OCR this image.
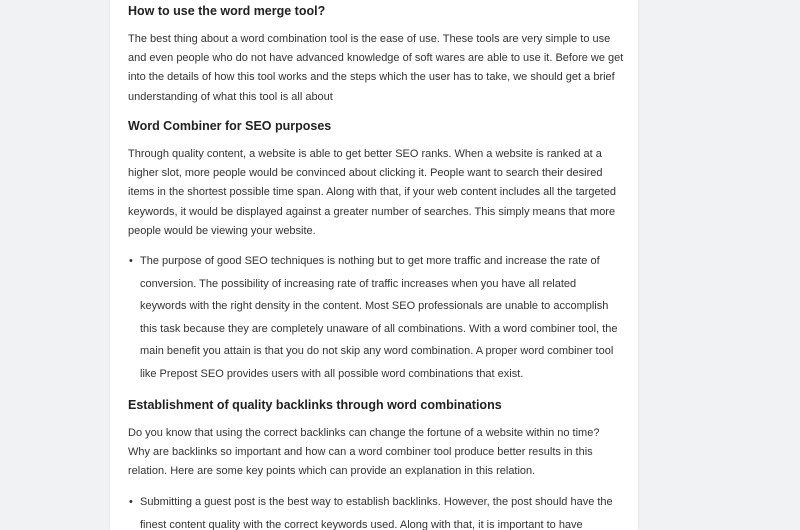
How to use the word merge tool?

The best thing about a word combination tool is the ease of use. These tools are very simple to use and even people who do not have advanced knowledge of soft wares are able to use it. Before we get into the details of how this tool works and the steps which the user has to take, we should get a brief understanding of what this tool is all about

Word Combiner for SEO purposes

Through quality content, a website is able to get better SEO ranks. When a website is ranked at a higher slot, more people would be convinced about clicking it. People want to search their desired items in the shortest possible time span. Along with that, if your web content includes all the targeted keywords, it would be displayed against a greater number of searches. This simply means that more people would be viewing your website.

• The purpose of good SEO techniques is nothing but to get more traffic and increase the rate of conversion. The possibility of increasing rate of traffic increases when you have all related keywords with the right density in the content. Most SEO professionals are unable to accomplish this task because they are completely unaware of all combinations. With a word combiner tool, the main benefit you attain is that you do not skip any word combination. A proper word combiner tool like Prepost SEO provides users with all possible word combinations that exist.
Establishment of quality backlinks through word combinations

Do you know that using the correct backlinks can change the fortune of a website within no time? Why are backlinks so important and how can a word combiner tool produce better results in this relation. Here are some key points which can provide an explanation in this relation.

• Submitting a guest post is the best way to establish backlinks. However, the post should have the finest content quality with the correct keywords used. Along with that, it is important to have
